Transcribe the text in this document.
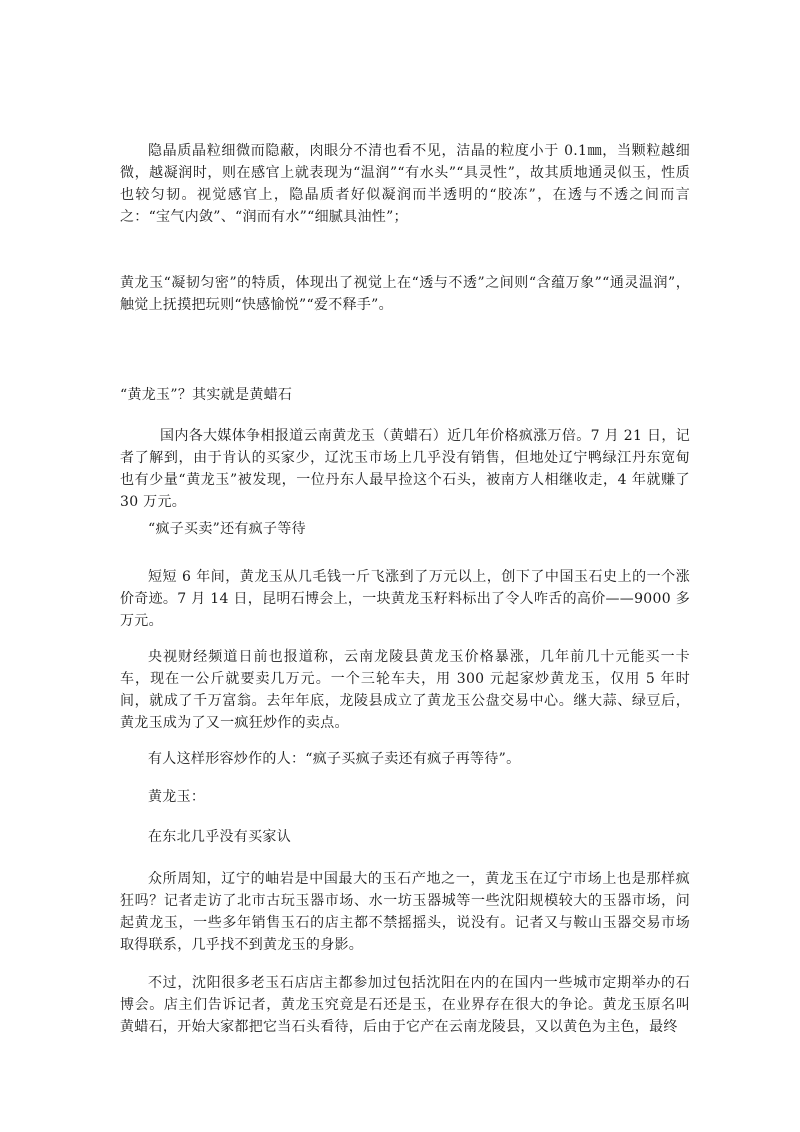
隐晶质晶粒细微而隐蔽，肉眼分不清也看不见，洁晶的粒度小于 0.1㎜，当颗粒越细微，越凝润时，则在感官上就表现为“温润”“有水头”“具灵性”，故其质地通灵似玉，性质也较匀韧。视觉感官上，隐晶质者好似凝润而半透明的“胶冻”，在透与不透之间而言之：“宝气内敛”、“润而有水”“细腻具油性”；

黄龙玉“凝韧匀密”的特质，体现出了视觉上在“透与不透”之间则“含蕴万象”“通灵温润”，触觉上抚摸把玩则“快感愉悦”“爱不释手”。

“黄龙玉”？其实就是黄蜡石

国内各大媒体争相报道云南黄龙玉（黄蜡石）近几年价格疯涨万倍。7 月 21 日，记者了解到，由于肯认的买家少，辽沈玉市场上几乎没有销售，但地处辽宁鸭绿江丹东宽甸也有少量“黄龙玉”被发现，一位丹东人最早捡这个石头，被南方人相继收走，4 年就赚了 30 万元。

“疯子买卖”还有疯子等待

短短 6 年间，黄龙玉从几毛钱一斤飞涨到了万元以上，创下了中国玉石史上的一个涨价奇迹。7 月 14 日，昆明石博会上，一块黄龙玉籽料标出了令人咋舌的高价——9000 多万元。

央视财经频道日前也报道称，云南龙陵县黄龙玉价格暴涨，几年前几十元能买一卡车，现在一公斤就要卖几万元。一个三轮车夫，用 300 元起家炒黄龙玉，仅用 5 年时间，就成了千万富翁。去年年底，龙陵县成立了黄龙玉公盘交易中心。继大蒜、绿豆后，黄龙玉成为了又一疯狂炒作的卖点。

有人这样形容炒作的人：“疯子买疯子卖还有疯子再等待”。

黄龙玉：
在东北几乎没有买家认

众所周知，辽宁的岫岩是中国最大的玉石产地之一，黄龙玉在辽宁市场上也是那样疯狂吗？记者走访了北市古玩玉器市场、水一坊玉器城等一些沈阳规模较大的玉器市场，问起黄龙玉，一些多年销售玉石的店主都不禁摇摇头，说没有。记者又与鞍山玉器交易市场取得联系，几乎找不到黄龙玉的身影。

不过，沈阳很多老玉石店店主都参加过包括沈阳在内的在国内一些城市定期举办的石博会。店主们告诉记者，黄龙玉究竟是石还是玉，在业界存在很大的争论。黄龙玉原名叫黄蜡石，开始大家都把它当石头看待，后由于它产在云南龙陵县，又以黄色为主色，最终
